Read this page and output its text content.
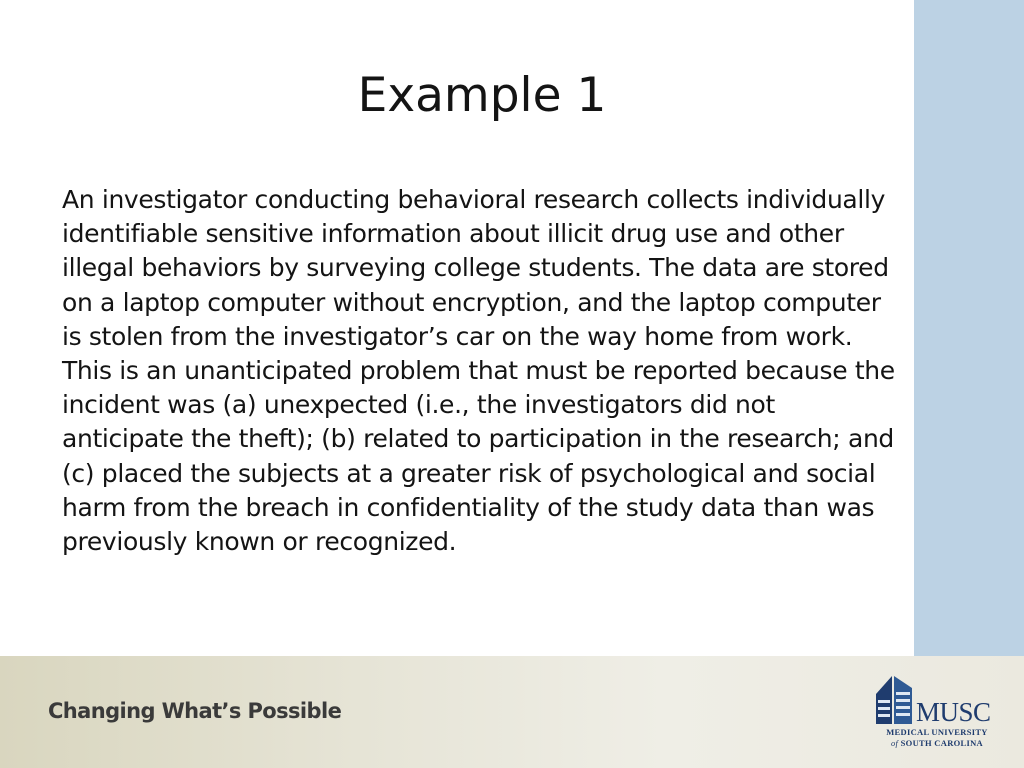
Example 1

An investigator conducting behavioral research collects individually identifiable sensitive information about illicit drug use and other illegal behaviors by surveying college students. The data are stored on a laptop computer without encryption, and the laptop computer is stolen from the investigator’s car on the way home from work. This is an unanticipated problem that must be reported because the incident was (a) unexpected (i.e., the investigators did not anticipate the theft); (b) related to participation in the research; and (c) placed the subjects at a greater risk of psychological and social harm from the breach in confidentiality of the study data than was previously known or recognized.

Changing What’s Possible	MUSC
MEDICAL UNIVERSITY
of SOUTH CAROLINA
